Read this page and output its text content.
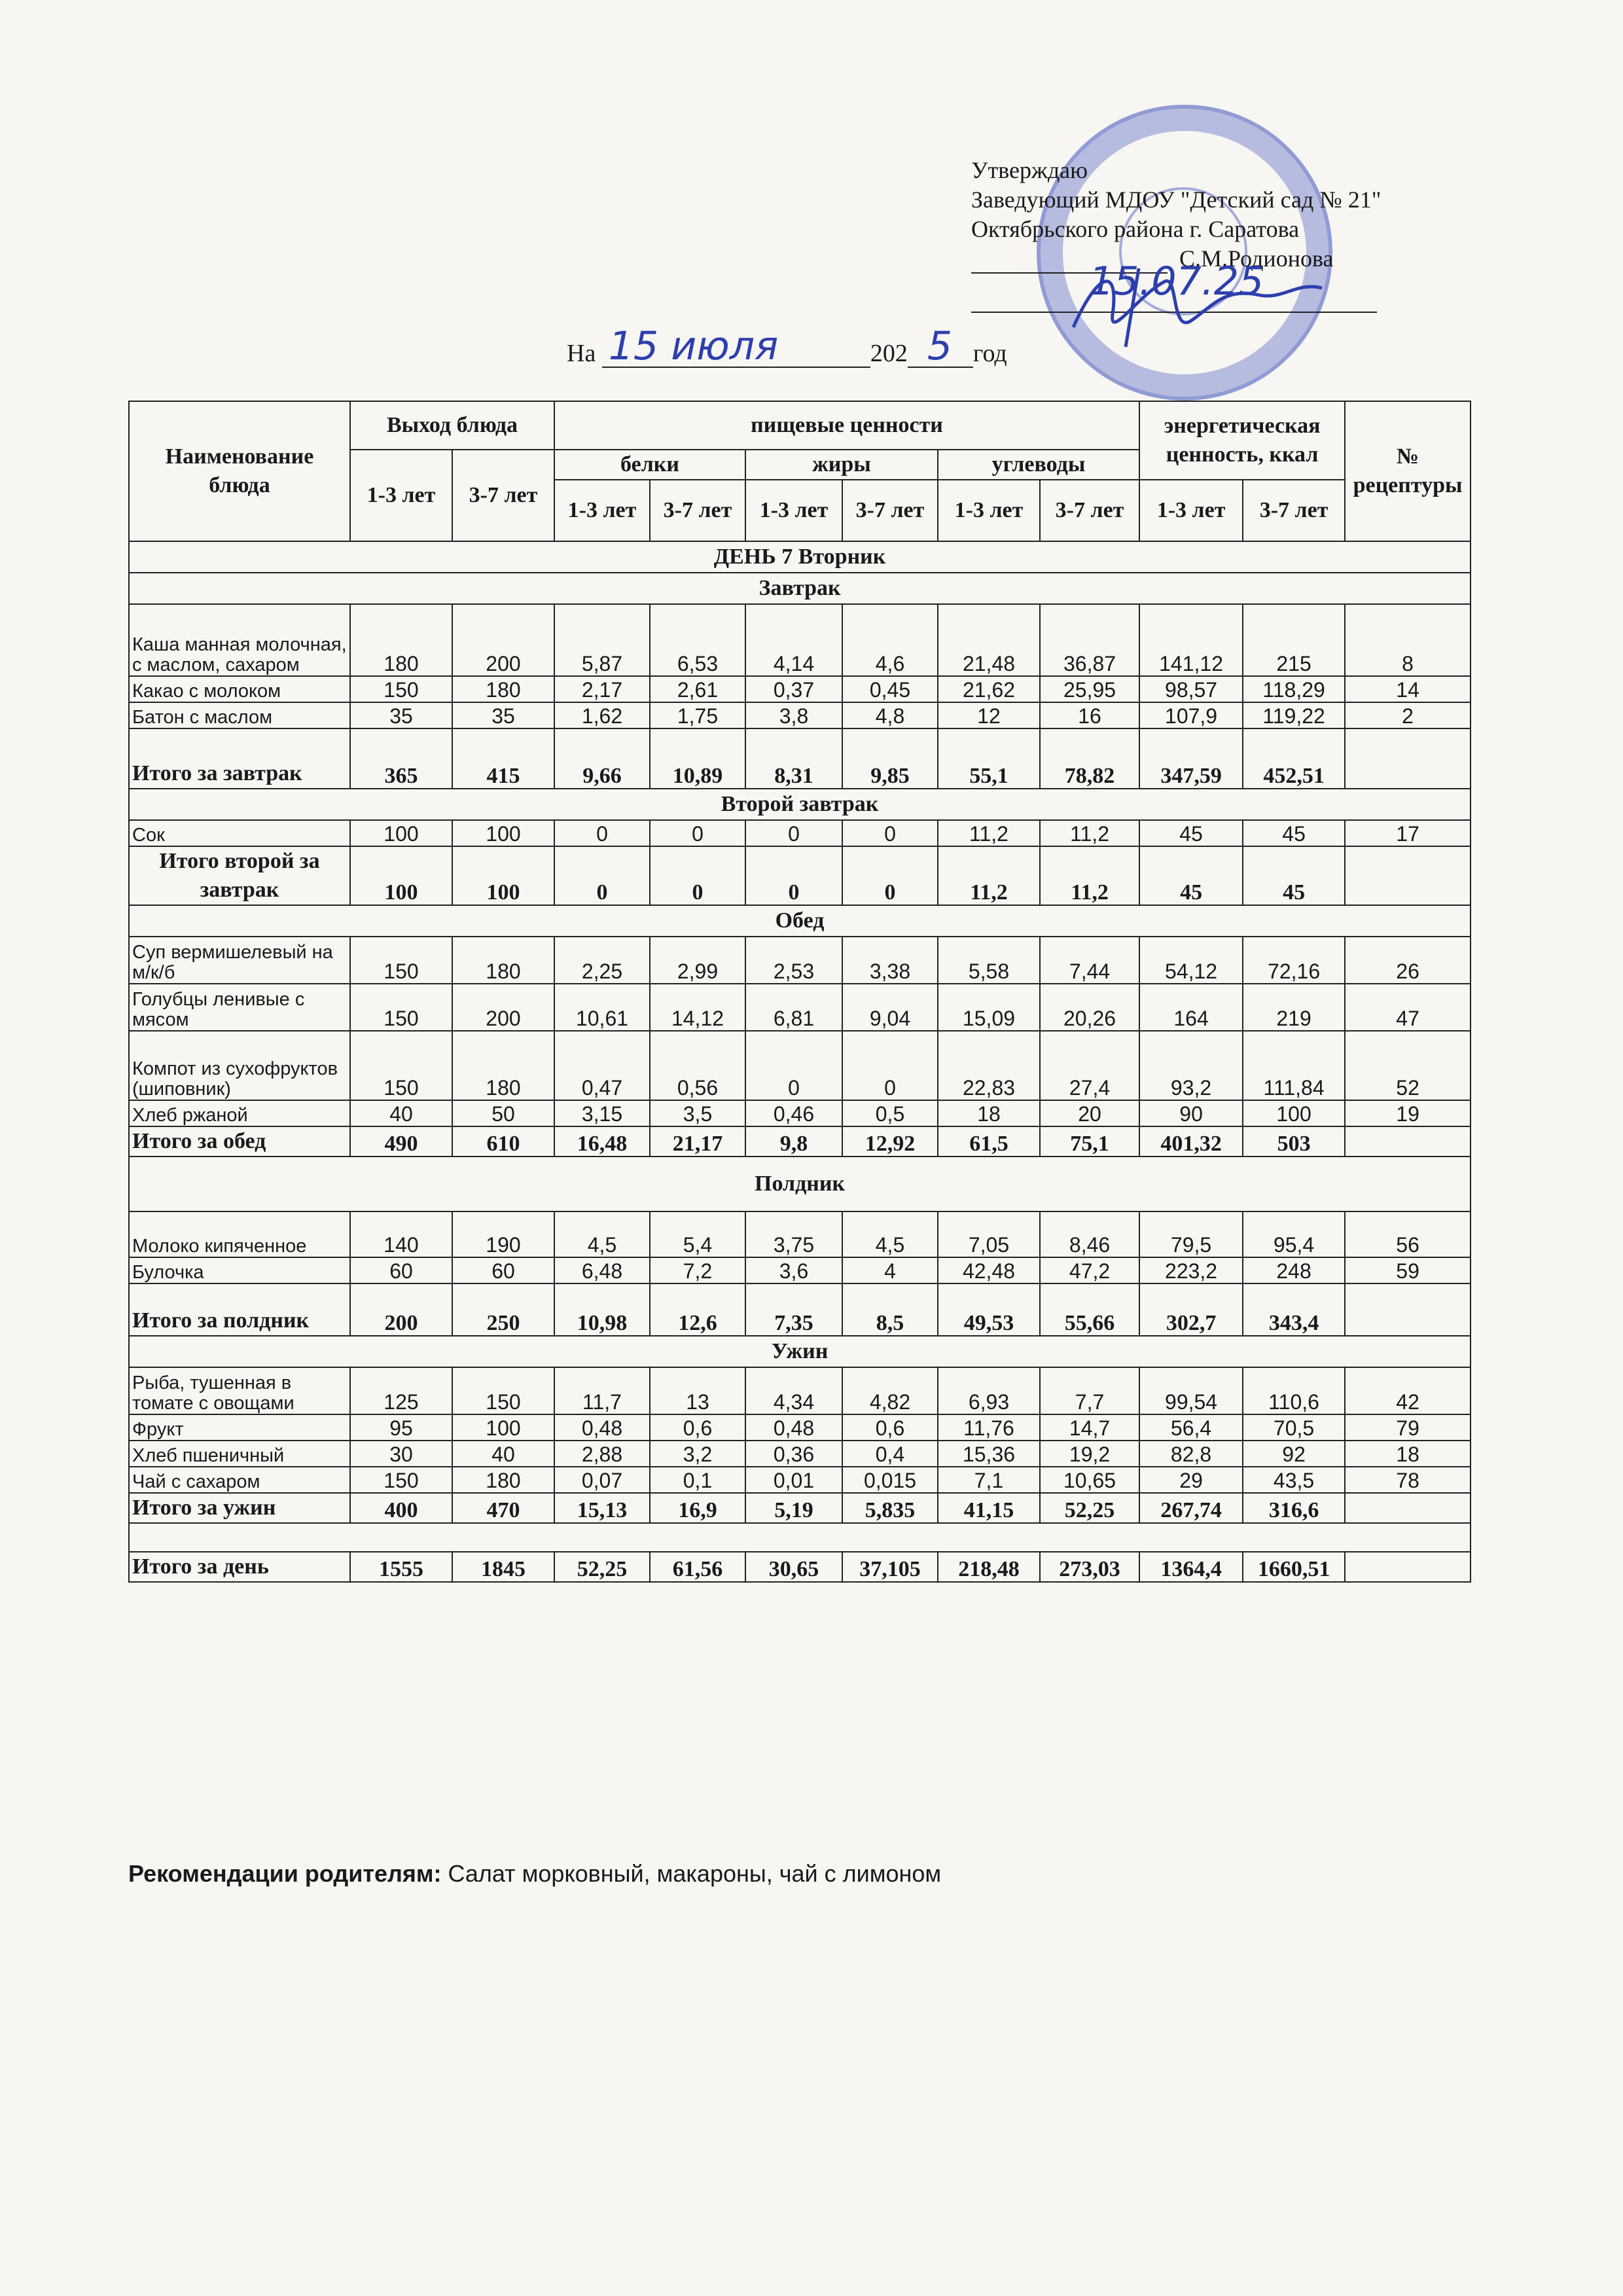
Утверждаю
Заведующий МДОУ "Детский сад № 21"
Октябрьского района г. Саратова
С.М.Родионова
15.07.25
На
15 июля	202 5 год
Наименование блюда	Выход блюда		пищевые ценности						энергетическая ценность, ккал		№ рецептуры
	1-3 лет	3-7 лет	белки		жиры		углеводы				
			1-3 лет	3-7 лет	1-3 лет	3-7 лет	1-3 лет	3-7 лет	1-3 лет	3-7 лет	
ДЕНЬ 7 Вторник											
Завтрак											
Каша манная молочная, с маслом, сахаром	180	200	5,87	6,53	4,14	4,6	21,48	36,87	141,12	215	8
Какао с молоком	150	180	2,17	2,61	0,37	0,45	21,62	25,95	98,57	118,29	14
Батон с маслом	35	35	1,62	1,75	3,8	4,8	12	16	107,9	119,22	2
Итого за завтрак	365	415	9,66	10,89	8,31	9,85	55,1	78,82	347,59	452,51	
Второй завтрак											
Сок	100	100	0	0	0	0	11,2	11,2	45	45	17
Итого второй за завтрак	100	100	0	0	0	0	11,2	11,2	45	45	
Обед											
Суп вермишелевый на м/к/б	150	180	2,25	2,99	2,53	3,38	5,58	7,44	54,12	72,16	26
Голубцы ленивые с мясом	150	200	10,61	14,12	6,81	9,04	15,09	20,26	164	219	47
Компот из сухофруктов (шиповник)	150	180	0,47	0,56	0	0	22,83	27,4	93,2	111,84	52
Хлеб ржаной	40	50	3,15	3,5	0,46	0,5	18	20	90	100	19
Итого за обед	490	610	16,48	21,17	9,8	12,92	61,5	75,1	401,32	503	
Полдник											
Молоко кипяченное	140	190	4,5	5,4	3,75	4,5	7,05	8,46	79,5	95,4	56
Булочка	60	60	6,48	7,2	3,6	4	42,48	47,2	223,2	248	59
Итого за полдник	200	250	10,98	12,6	7,35	8,5	49,53	55,66	302,7	343,4	
Ужин											
Рыба, тушенная в томате с овощами	125	150	11,7	13	4,34	4,82	6,93	7,7	99,54	110,6	42
Фрукт	95	100	0,48	0,6	0,48	0,6	11,76	14,7	56,4	70,5	79
Хлеб пшеничный	30	40	2,88	3,2	0,36	0,4	15,36	19,2	82,8	92	18
Чай с сахаром	150	180	0,07	0,1	0,01	0,015	7,1	10,65	29	43,5	78
Итого за ужин	400	470	15,13	16,9	5,19	5,835	41,15	52,25	267,74	316,6	

Итого за день	1555	1845	52,25	61,56	30,65	37,105	218,48	273,03	1364,4	1660,51	
Рекомендации родителям: Салат морковный, макароны, чай с лимоном
